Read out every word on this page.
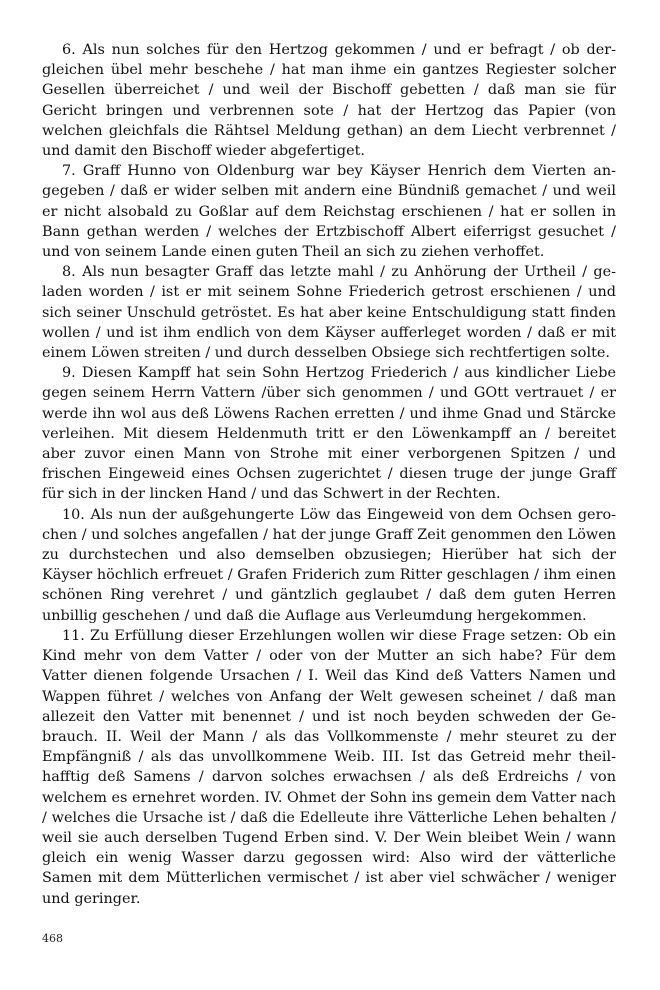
6. Als nun solches für den Hertzog gekommen / und er befragt / ob dergleichen übel mehr beschehe / hat man ihme ein gantzes Regiester solcher Gesellen überreichet / und weil der Bischoff gebetten / daß man sie für Gericht bringen und verbrennen sote / hat der Hertzog das Papier (von welchen gleichfals die Rähtsel Meldung gethan) an dem Liecht verbrennet / und damit den Bischoff wieder abgefertiget.

7. Graff Hunno von Oldenburg war bey Käyser Henrich dem Vierten angegeben / daß er wider selben mit andern eine Bündniß gemachet / und weil er nicht alsobald zu Goßlar auf dem Reichstag erschienen / hat er sollen in Bann gethan werden / welches der Ertzbischoff Albert eiferrigst gesuchet / und von seinem Lande einen guten Theil an sich zu ziehen verhoffet.

8. Als nun besagter Graff das letzte mahl / zu Anhörung der Urtheil / geladen worden / ist er mit seinem Sohne Friederich getrost erschienen / und sich seiner Unschuld getröstet. Es hat aber keine Entschuldigung statt finden wollen / und ist ihm endlich von dem Käyser aufferleget worden / daß er mit einem Löwen streiten / und durch desselben Obsiege sich rechtfertigen solte.

9. Diesen Kampff hat sein Sohn Hertzog Friederich / aus kindlicher Liebe gegen seinem Herrn Vattern /über sich genommen / und GOtt vertrauet / er werde ihn wol aus deß Löwens Rachen erretten / und ihme Gnad und Stärcke verleihen. Mit diesem Heldenmuth tritt er den Löwenkampff an / bereitet aber zuvor einen Mann von Strohe mit einer verborgenen Spitzen / und frischen Eingeweid eines Ochsen zugerichtet / diesen truge der junge Graff für sich in der lincken Hand / und das Schwert in der Rechten.

10. Als nun der außgehungerte Löw das Eingeweid von dem Ochsen gerochen / und solches angefallen / hat der junge Graff Zeit genommen den Löwen zu durchstechen und also demselben obzusiegen; Hierüber hat sich der Käyser höchlich erfreuet / Grafen Friderich zum Ritter geschlagen / ihm einen schönen Ring verehret / und gäntzlich geglaubet / daß dem guten Herren unbillig geschehen / und daß die Auflage aus Verleumdung hergekommen.

11. Zu Erfüllung dieser Erzehlungen wollen wir diese Frage setzen: Ob ein Kind mehr von dem Vatter / oder von der Mutter an sich habe? Für dem Vatter dienen folgende Ursachen / I. Weil das Kind deß Vatters Namen und Wappen führet / welches von Anfang der Welt gewesen scheinet / daß man allezeit den Vatter mit benennet / und ist noch beyden schweden der Gebrauch. II. Weil der Mann / als das Vollkommenste / mehr steuret zu der Empfängniß / als das unvollkommene Weib. III. Ist das Getreid mehr theilhafftig deß Samens / darvon solches erwachsen / als deß Erdreichs / von welchem es ernehret worden. IV. Ohmet der Sohn ins gemein dem Vatter nach / welches die Ursache ist / daß die Edelleute ihre Vätterliche Lehen behalten / weil sie auch derselben Tugend Erben sind. V. Der Wein bleibet Wein / wann gleich ein wenig Wasser darzu gegossen wird: Also wird der vätterliche Samen mit dem Mütterlichen vermischet / ist aber viel schwächer / weniger und geringer.

468
